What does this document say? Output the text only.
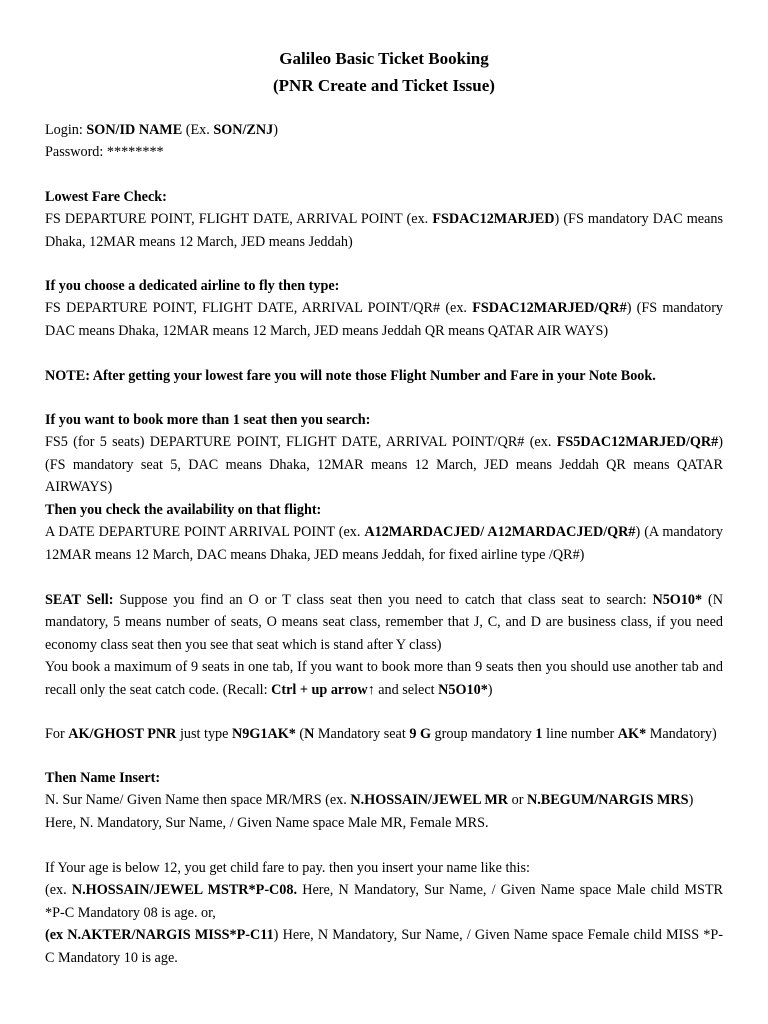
Galileo Basic Ticket Booking
(PNR Create and Ticket Issue)
Login: SON/ID NAME (Ex. SON/ZNJ)
Password: ********
Lowest Fare Check:
FS DEPARTURE POINT, FLIGHT DATE, ARRIVAL POINT (ex. FSDAC12MARJED) (FS mandatory DAC means Dhaka, 12MAR means 12 March, JED means Jeddah)
If you choose a dedicated airline to fly then type:
FS DEPARTURE POINT, FLIGHT DATE, ARRIVAL POINT/QR# (ex. FSDAC12MARJED/QR#) (FS mandatory DAC means Dhaka, 12MAR means 12 March, JED means Jeddah QR means QATAR AIR WAYS)
NOTE: After getting your lowest fare you will note those Flight Number and Fare in your Note Book.
If you want to book more than 1 seat then you search:
FS5 (for 5 seats) DEPARTURE POINT, FLIGHT DATE, ARRIVAL POINT/QR# (ex. FS5DAC12MARJED/QR#) (FS mandatory seat 5, DAC means Dhaka, 12MAR means 12 March, JED means Jeddah QR means QATAR AIRWAYS)
Then you check the availability on that flight:
A DATE DEPARTURE POINT ARRIVAL POINT (ex. A12MARDACJED/ A12MARDACJED/QR#) (A mandatory 12MAR means 12 March, DAC means Dhaka, JED means Jeddah, for fixed airline type /QR#)
SEAT Sell: Suppose you find an O or T class seat then you need to catch that class seat to search: N5O10* (N mandatory, 5 means number of seats, O means seat class, remember that J, C, and D are business class, if you need economy class seat then you see that seat which is stand after Y class)
You book a maximum of 9 seats in one tab, If you want to book more than 9 seats then you should use another tab and recall only the seat catch code. (Recall: Ctrl + up arrow↑ and select N5O10*)
For AK/GHOST PNR just type N9G1AK* (N Mandatory seat 9 G group mandatory 1 line number AK* Mandatory)
Then Name Insert:
N. Sur Name/ Given Name then space MR/MRS (ex. N.HOSSAIN/JEWEL MR or N.BEGUM/NARGIS MRS)
Here, N. Mandatory, Sur Name, / Given Name space Male MR, Female MRS.
If Your age is below 12, you get child fare to pay. then you insert your name like this:
(ex. N.HOSSAIN/JEWEL MSTR*P-C08. Here, N Mandatory, Sur Name, / Given Name space Male child MSTR *P-C Mandatory 08 is age. or,
(ex N.AKTER/NARGIS MISS*P-C11) Here, N Mandatory, Sur Name, / Given Name space Female child MISS *P-C Mandatory 10 is age.
